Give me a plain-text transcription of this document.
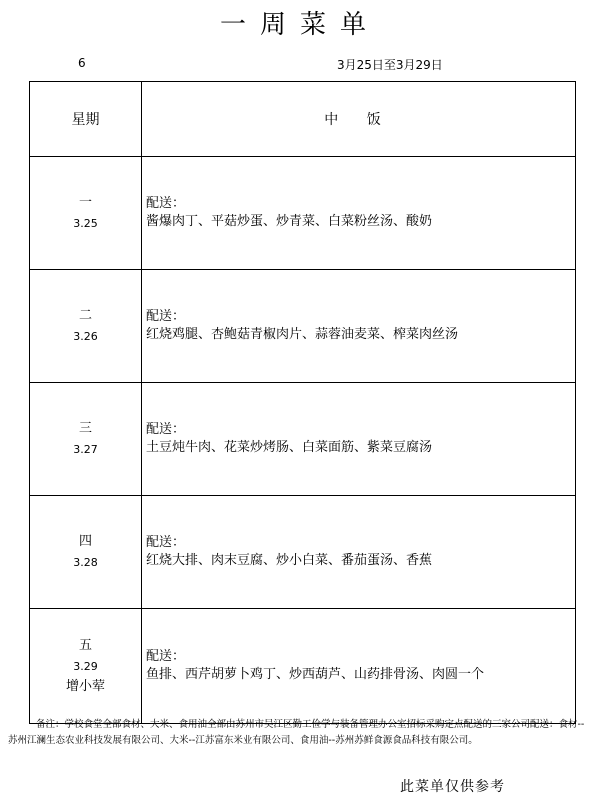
一周菜单
6	3月25日至3月29日
星期	中 饭

一
3.25	配送：
酱爆肉丁、平菇炒蛋、炒青菜、白菜粉丝汤、酸奶

二
3.26	配送：
红烧鸡腿、杏鲍菇青椒肉片、蒜蓉油麦菜、榨菜肉丝汤

三
3.27	配送：
土豆炖牛肉、花菜炒烤肠、白菜面筋、紫菜豆腐汤

四
3.28	配送：
红烧大排、肉末豆腐、炒小白菜、番茄蛋汤、香蕉

五
3.29
增小荤	配送：
鱼排、西芹胡萝卜鸡丁、炒西葫芦、山药排骨汤、肉圆一个
备注：学校食堂全部食材、大米、食用油全部由苏州市吴江区勤工俭学与装备管理办公室招标采购定点配送的三家公司配送：食材--苏州江澜生态农业科技发展有限公司、大米--江苏富东米业有限公司、食用油--苏州苏鲜食源食品科技有限公司。
此菜单仅供参考
